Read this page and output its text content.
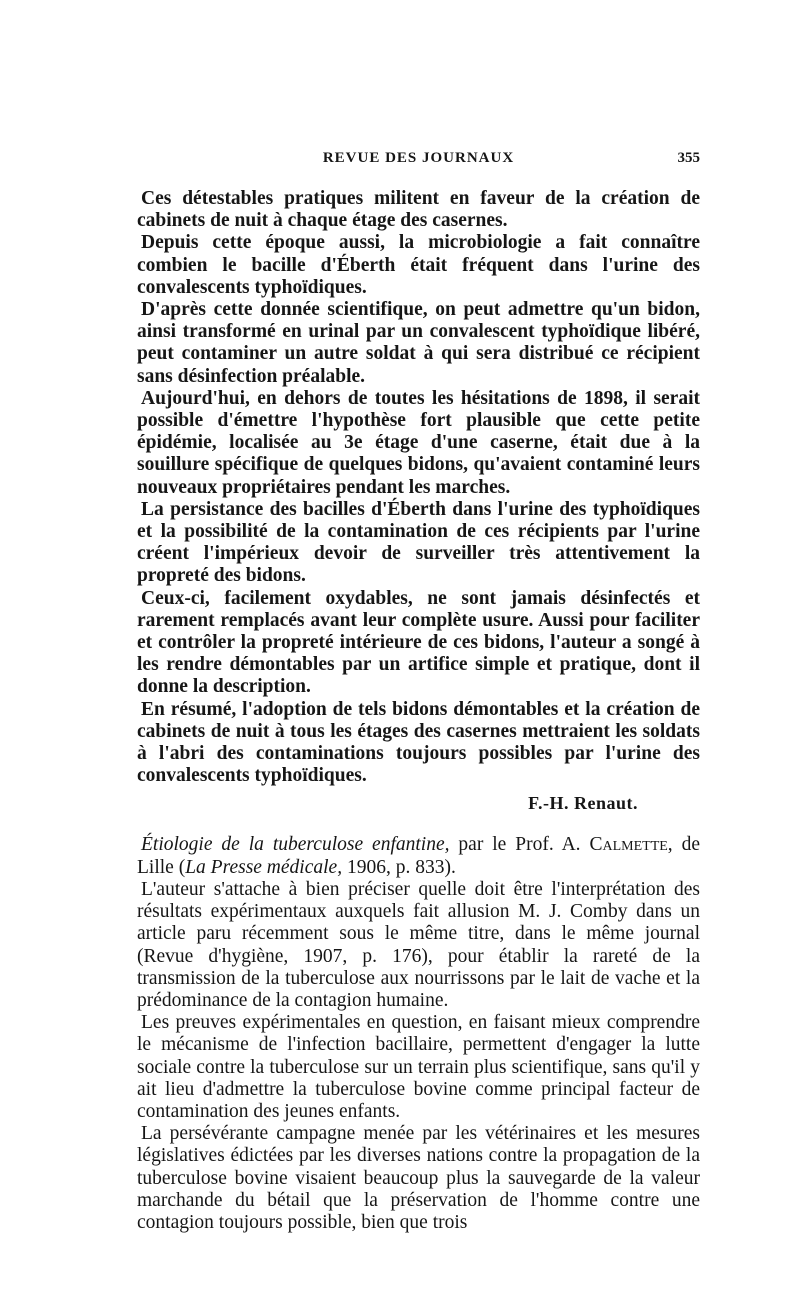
REVUE DES JOURNAUX	355

Ces détestables pratiques militent en faveur de la création de cabinets de nuit à chaque étage des casernes.

Depuis cette époque aussi, la microbiologie a fait connaître combien le bacille d'Éberth était fréquent dans l'urine des convalescents typhoïdiques.

D'après cette donnée scientifique, on peut admettre qu'un bidon, ainsi transformé en urinal par un convalescent typhoïdique libéré, peut contaminer un autre soldat à qui sera distribué ce récipient sans désinfection préalable.

Aujourd'hui, en dehors de toutes les hésitations de 1898, il serait possible d'émettre l'hypothèse fort plausible que cette petite épidémie, localisée au 3e étage d'une caserne, était due à la souillure spécifique de quelques bidons, qu'avaient contaminé leurs nouveaux propriétaires pendant les marches.

La persistance des bacilles d'Éberth dans l'urine des typhoïdiques et la possibilité de la contamination de ces récipients par l'urine créent l'impérieux devoir de surveiller très attentivement la propreté des bidons.

Ceux-ci, facilement oxydables, ne sont jamais désinfectés et rarement remplacés avant leur complète usure. Aussi pour faciliter et contrôler la propreté intérieure de ces bidons, l'auteur a songé à les rendre démontables par un artifice simple et pratique, dont il donne la description.

En résumé, l'adoption de tels bidons démontables et la création de cabinets de nuit à tous les étages des casernes mettraient les soldats à l'abri des contaminations toujours possibles par l'urine des convalescents typhoïdiques.

F.-H. Renaut.

Étiologie de la tuberculose enfantine, par le Prof. A. Calmette, de Lille (La Presse médicale, 1906, p. 833).

L'auteur s'attache à bien préciser quelle doit être l'interprétation des résultats expérimentaux auxquels fait allusion M. J. Comby dans un article paru récemment sous le même titre, dans le même journal (Revue d'hygiène, 1907, p. 176), pour établir la rareté de la transmission de la tuberculose aux nourrissons par le lait de vache et la prédominance de la contagion humaine.

Les preuves expérimentales en question, en faisant mieux comprendre le mécanisme de l'infection bacillaire, permettent d'engager la lutte sociale contre la tuberculose sur un terrain plus scientifique, sans qu'il y ait lieu d'admettre la tuberculose bovine comme principal facteur de contamination des jeunes enfants.

La persévérante campagne menée par les vétérinaires et les mesures législatives édictées par les diverses nations contre la propagation de la tuberculose bovine visaient beaucoup plus la sauvegarde de la valeur marchande du bétail que la préservation de l'homme contre une contagion toujours possible, bien que trois
